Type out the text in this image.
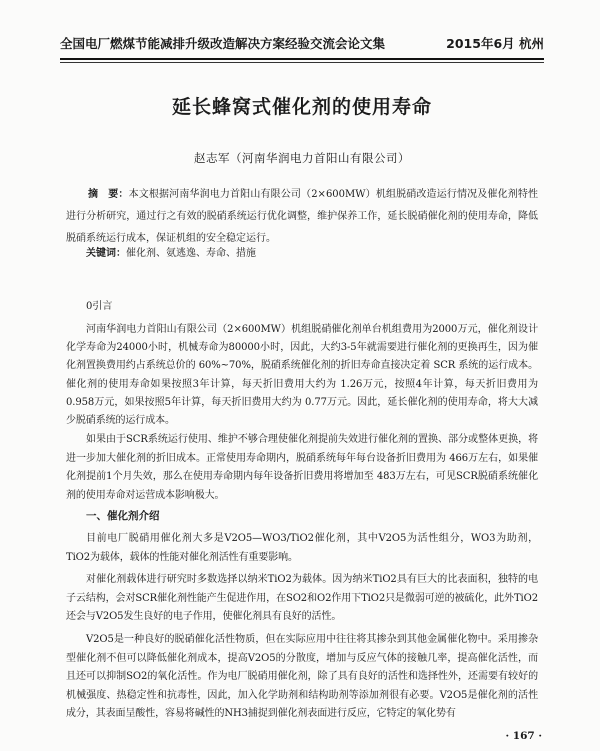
全国电厂燃煤节能减排升级改造解决方案经验交流会论文集	2015年6月 杭州
延长蜂窝式催化剂的使用寿命
赵志军（河南华润电力首阳山有限公司）
摘　要：本文根据河南华润电力首阳山有限公司（2×600MW）机组脱硝改造运行情况及催化剂特性进行分析研究，通过行之有效的脱硝系统运行优化调整，维护保养工作，延长脱硝催化剂的使用寿命，降低脱硝系统运行成本，保证机组的安全稳定运行。
关键词：催化剂、氨逃逸、寿命、措施
0引言
河南华润电力首阳山有限公司（2×600MW）机组脱硝催化剂单台机组费用为2000万元，催化剂设计化学寿命为24000小时，机械寿命为80000小时，因此，大约3-5年就需要进行催化剂的更换再生，因为催化剂置换费用约占系统总价的 60%~70%，脱硝系统催化剂的折旧寿命直接决定着 SCR 系统的运行成本。催化剂的使用寿命如果按照3年计算，每天折旧费用大约为 1.26万元，按照4年计算，每天折旧费用为 0.958万元，如果按照5年计算，每天折旧费用大约为 0.77万元。因此，延长催化剂的使用寿命，将大大减少脱硝系统的运行成本。
如果由于SCR系统运行使用、维护不够合理使催化剂提前失效进行催化剂的置换、部分或整体更换，将进一步加大催化剂的折旧成本。正常使用寿命期内，脱硝系统每年每台设备折旧费用为 466万左右，如果催化剂提前1个月失效，那么在使用寿命期内每年设备折旧费用将增加至 483万左右，可见SCR脱硝系统催化剂的使用寿命对运营成本影响极大。
一、催化剂介绍
目前电厂脱硝用催化剂大多是V2O5—WO3/TiO2催化剂，其中V2O5为活性组分，WO3为助剂，TiO2为载体，载体的性能对催化剂活性有重要影响。
对催化剂载体进行研究时多数选择以纳米TiO2为载体。因为纳米TiO2具有巨大的比表面积，独特的电子云结构，会对SCR催化剂性能产生促进作用，在SO2和O2作用下TiO2只是微弱可逆的被硫化，此外TiO2还会与V2O5发生良好的电子作用，使催化剂具有良好的活性。
V2O5是一种良好的脱硝催化活性物质，但在实际应用中往往将其掺杂到其他金属催化物中。采用掺杂型催化剂不但可以降低催化剂成本，提高V2O5的分散度，增加与反应气体的接触几率，提高催化活性，而且还可以抑制SO2的氧化活性。作为电厂脱硝用催化剂，除了具有良好的活性和选择性外，还需要有较好的机械强度、热稳定性和抗毒性，因此，加入化学助剂和结构助剂等添加剂很有必要。V2O5是催化剂的活性成分，其表面呈酸性，容易将碱性的NH3捕捉到催化剂表面进行反应，它特定的氧化势有
· 167 ·
